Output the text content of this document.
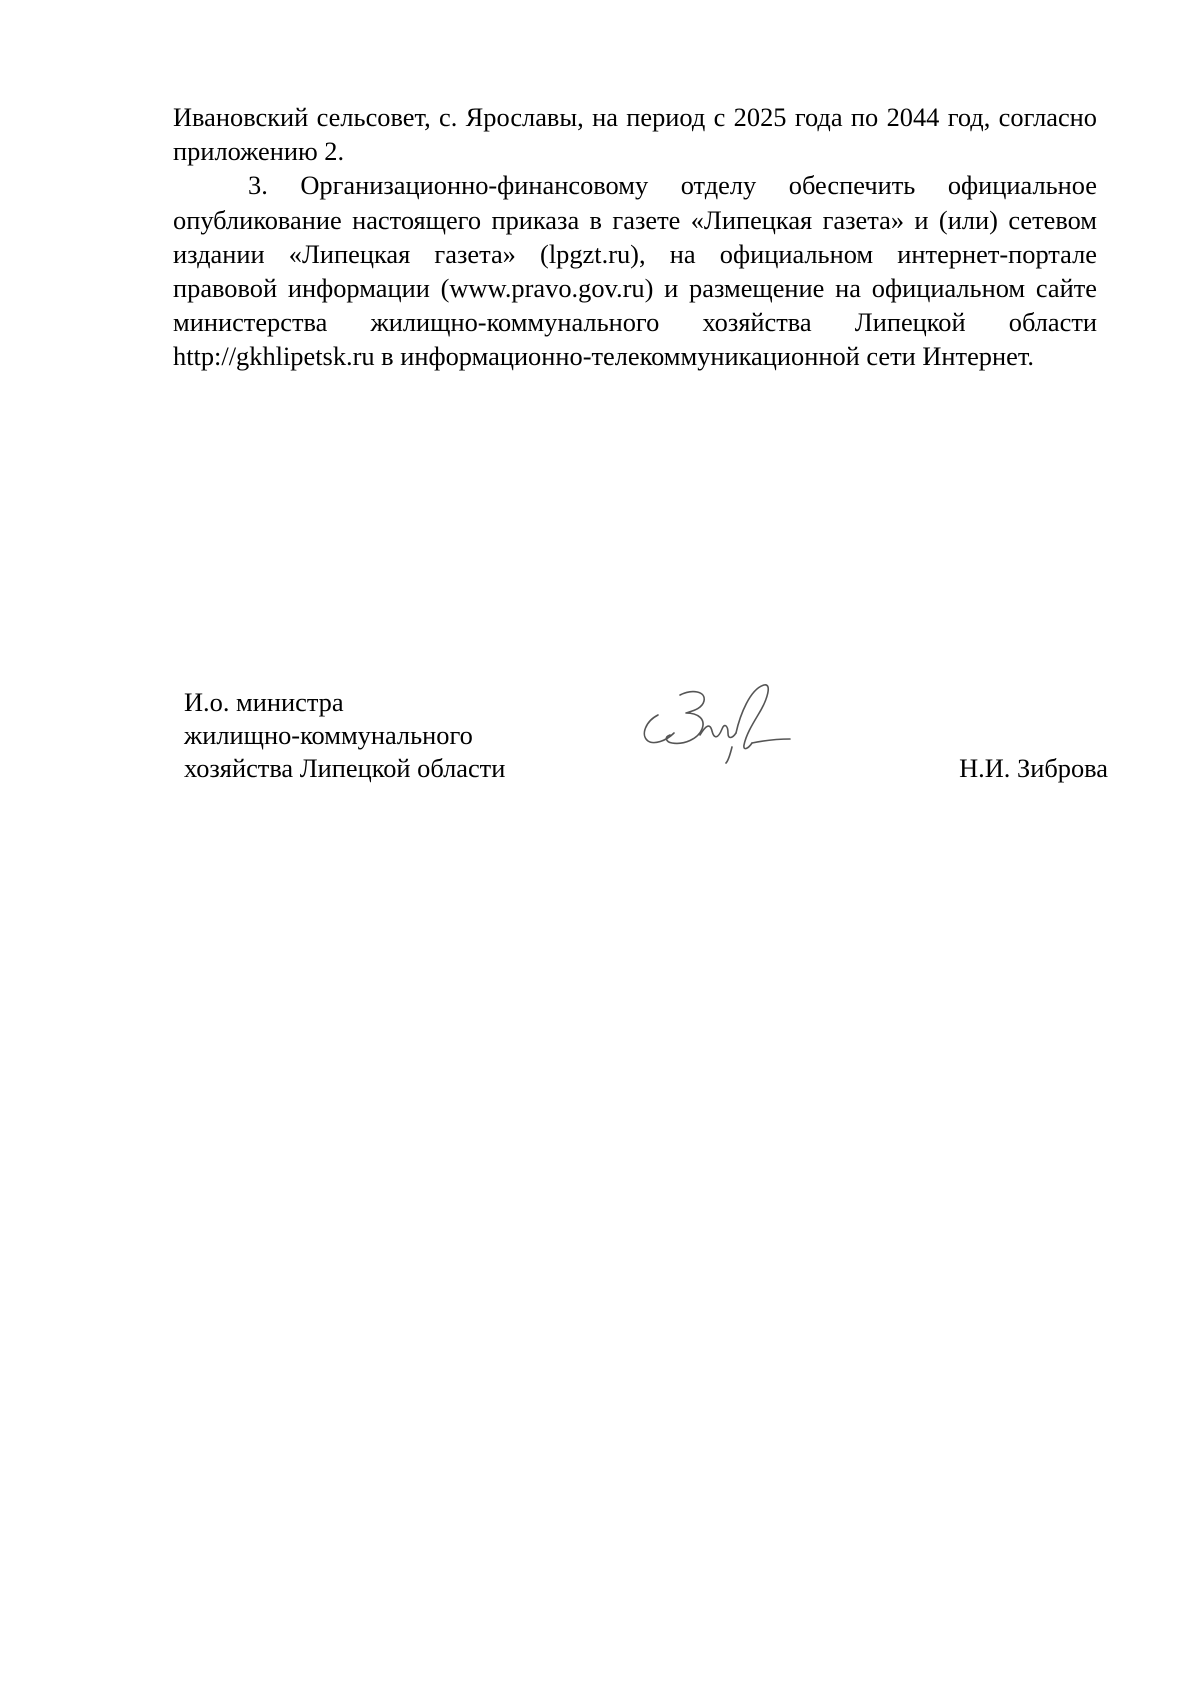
Ивановский сельсовет, с. Ярославы, на период с 2025 года по 2044 год, согласно приложению 2.

3. Организационно-финансовому отделу обеспечить официальное опубликование настоящего приказа в газете «Липецкая газета» и (или) сетевом издании «Липецкая газета» (lpgzt.ru), на официальном интернет-портале правовой информации (www.pravo.gov.ru) и размещение на официальном сайте министерства жилищно-коммунального хозяйства Липецкой области http://gkhlipetsk.ru в информационно-телекоммуникационной сети Интернет.

И.о. министра
жилищно-коммунального
хозяйства Липецкой области	Н.И. Зиброва
